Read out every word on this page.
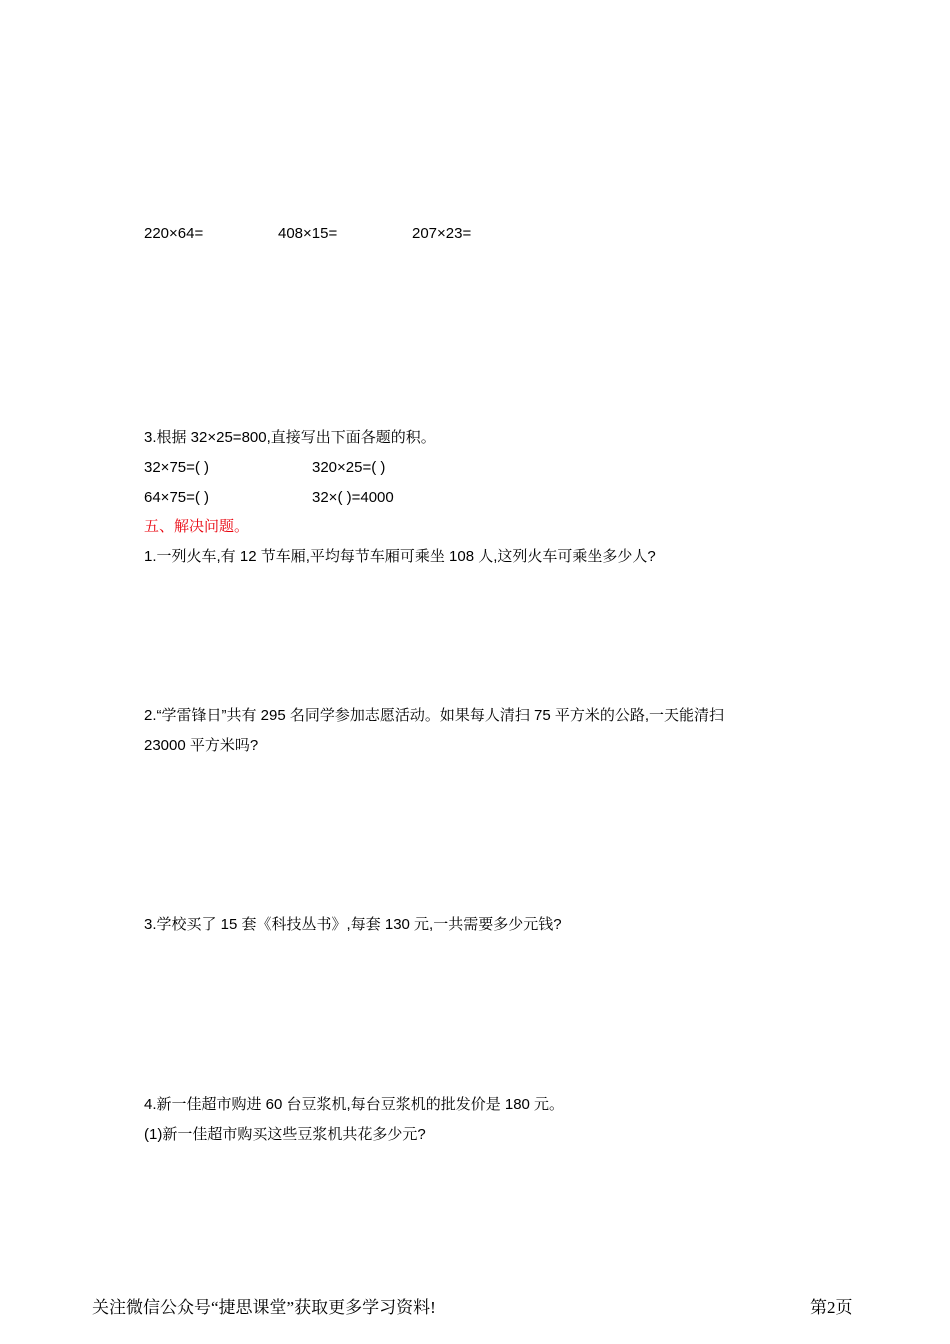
220×64=	408×15=	207×23=
3.根据 32×25=800,直接写出下面各题的积。
32×75=( )	320×25=( )
64×75=( )	32×( )=4000
五、解决问题。
1.一列火车,有 12 节车厢,平均每节车厢可乘坐 108 人,这列火车可乘坐多少人?
2.“学雷锋日”共有 295 名同学参加志愿活动。如果每人清扫 75 平方米的公路,一天能清扫
23000 平方米吗?
3.学校买了 15 套《科技丛书》,每套 130 元,一共需要多少元钱?
4.新一佳超市购进 60 台豆浆机,每台豆浆机的批发价是 180 元。
(1)新一佳超市购买这些豆浆机共花多少元?
关注微信公众号“捷思课堂”获取更多学习资料!	第2页
